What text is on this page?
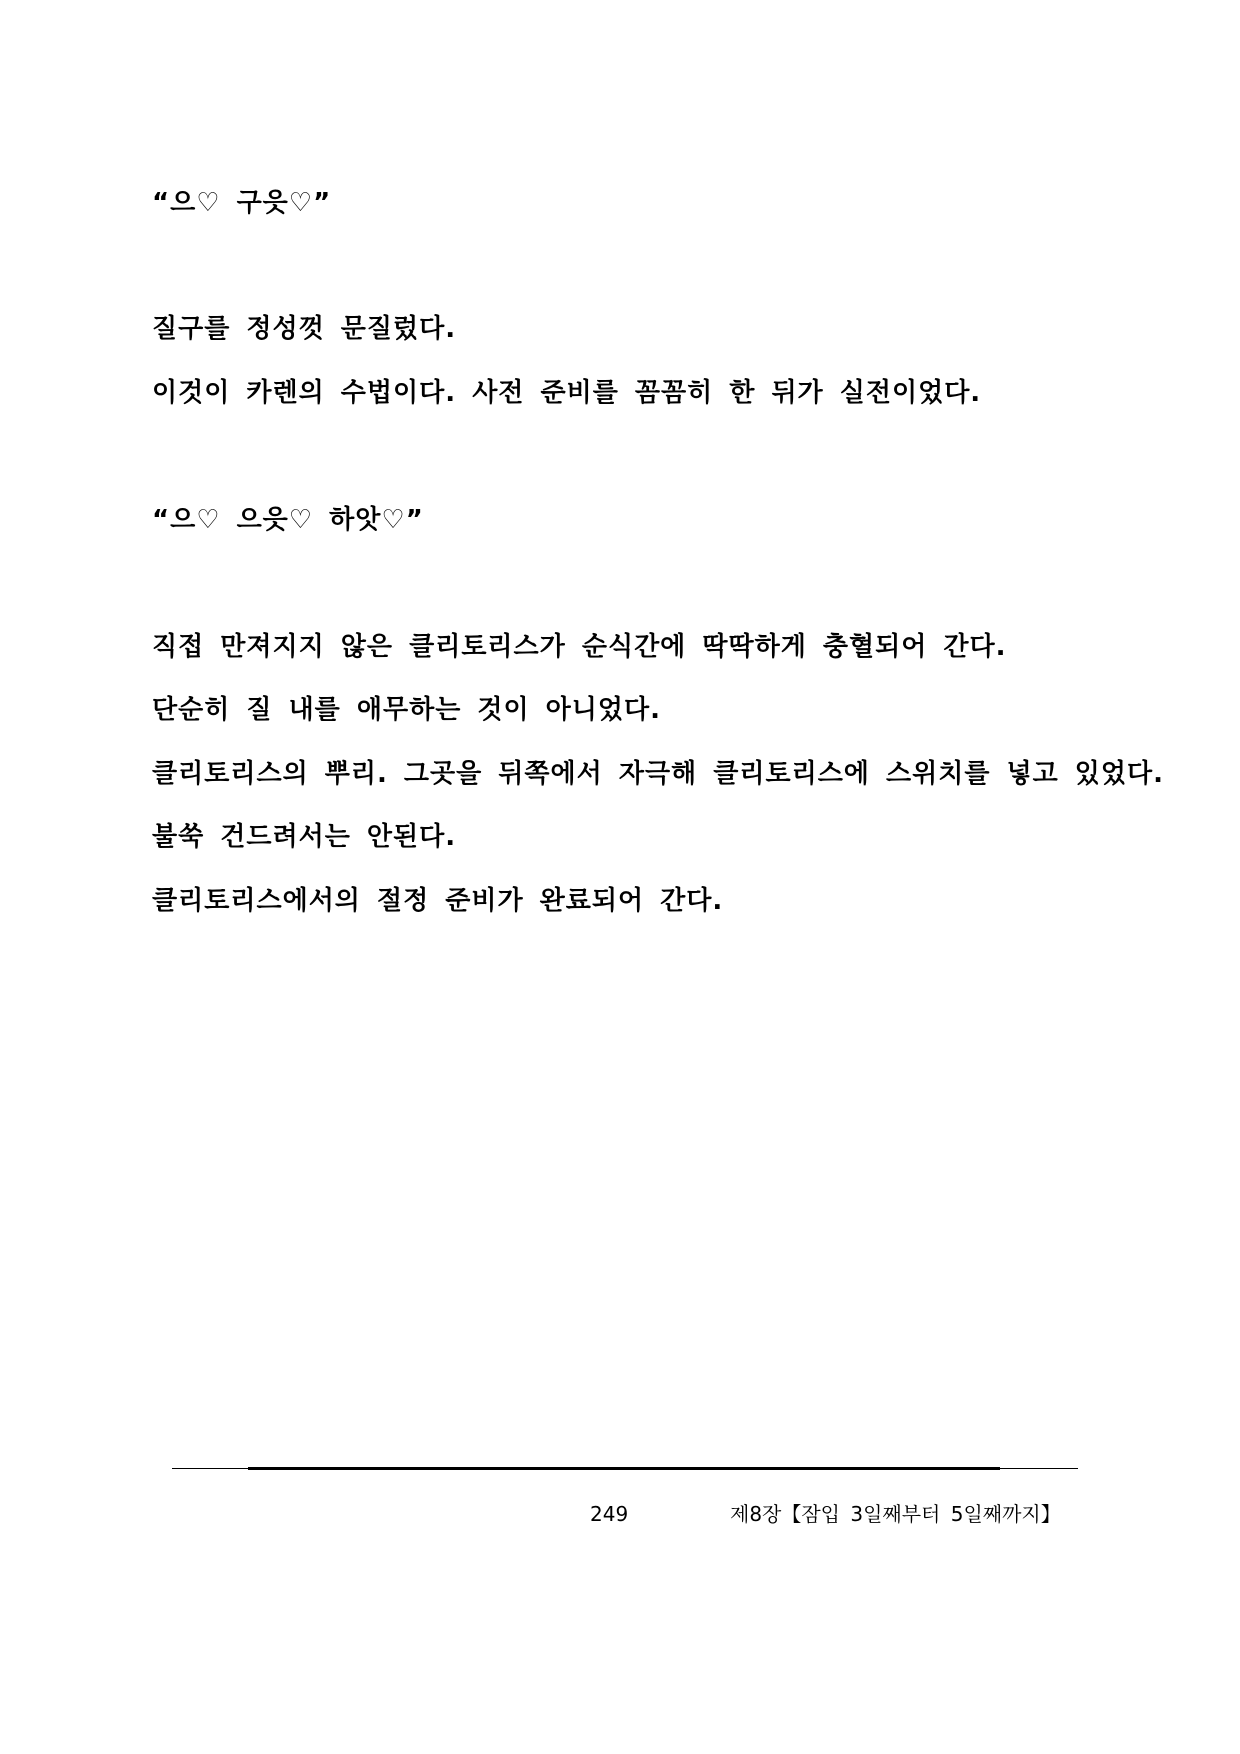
“으♡ 구읏♡”
질구를 정성껏 문질렀다.
이것이 카렌의 수법이다. 사전 준비를 꼼꼼히 한 뒤가 실전이었다.
“으♡ 으읏♡ 하앗♡”
직접 만져지지 않은 클리토리스가 순식간에 딱딱하게 충혈되어 간다.
단순히 질 내를 애무하는 것이 아니었다.
클리토리스의 뿌리. 그곳을 뒤쪽에서 자극해 클리토리스에 스위치를 넣고 있었다.
불쑥 건드려서는 안된다.
클리토리스에서의 절정 준비가 완료되어 간다.
249	제8장【잠입 3일째부터 5일째까지】
